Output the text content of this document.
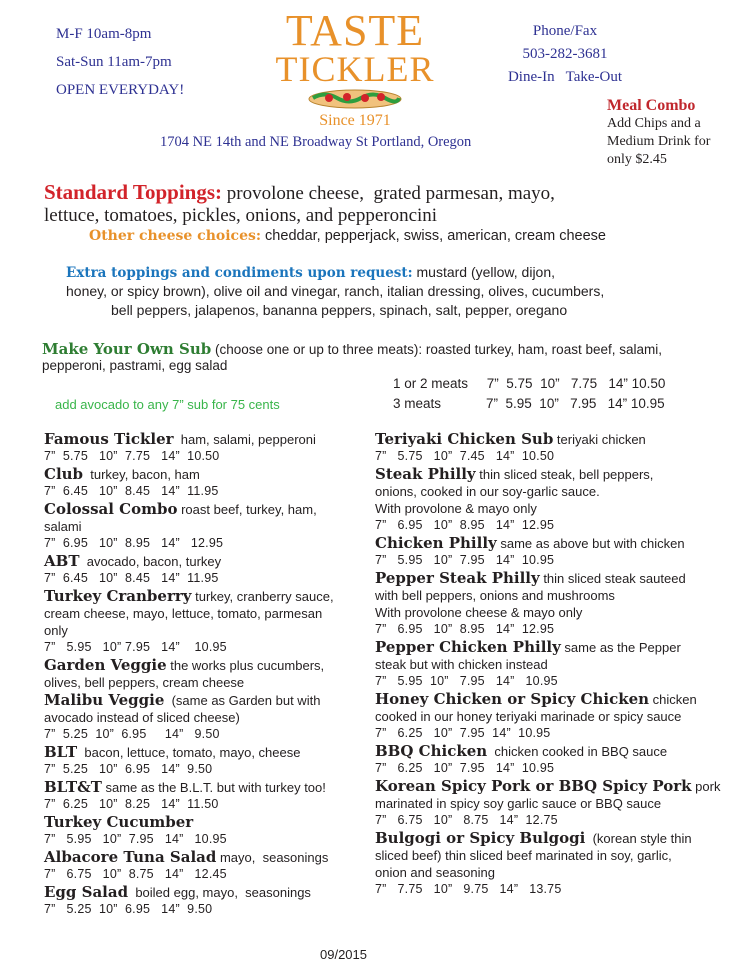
M-F 10am-8pm
Sat-Sun 11am-7pm
OPEN EVERYDAY!
TASTE
TICKLER
Since 1971
1704 NE 14th and NE Broadway St Portland, Oregon
Phone/Fax
503-282-3681
Dine-In   Take-Out
Meal Combo
Add Chips and a
Medium Drink for
only $2.45
Standard Toppings: provolone cheese,  grated parmesan, mayo,
lettuce, tomatoes, pickles, onions, and pepperoncini
Other cheese choices: cheddar, pepperjack, swiss, american, cream cheese
Extra toppings and condiments upon request: mustard (yellow, dijon,
honey, or spicy brown), olive oil and vinegar, ranch, italian dressing, olives, cucumbers,
bell peppers, jalapenos, bananna peppers, spinach, salt, pepper, oregano
Make Your Own Sub (choose one or up to three meats): roasted turkey, ham, roast beef, salami,
pepperoni, pastrami, egg salad
add avocado to any 7” sub for 75 cents
1 or 2 meats     7”  5.75  10”   7.75   14” 10.50
3 meats            7”  5.95  10”   7.95   14” 10.95
Famous Tickler  ham, salami, pepperoni
7”  5.75   10”  7.75   14”  10.50
Club  turkey, bacon, ham
7”  6.45   10”  8.45   14”  11.95
Colossal Combo roast beef, turkey, ham,
salami
7”  6.95   10”  8.95   14”   12.95
ABT  avocado, bacon, turkey
7”  6.45   10”  8.45   14”  11.95
Turkey Cranberry turkey, cranberry sauce,
cream cheese, mayo, lettuce, tomato, parmesan
only
7”   5.95   10” 7.95   14”    10.95
Garden Veggie the works plus cucumbers,
olives, bell peppers, cream cheese
Malibu Veggie  (same as Garden but with
avocado instead of sliced cheese)
7”  5.25  10”  6.95     14”   9.50
BLT  bacon, lettuce, tomato, mayo, cheese
7”  5.25   10”  6.95   14”  9.50
BLT&T same as the B.L.T. but with turkey too!
7”  6.25   10”  8.25   14”  11.50
Turkey Cucumber
7”   5.95   10”  7.95   14”   10.95
Albacore Tuna Salad mayo,  seasonings
7”   6.75   10”  8.75   14”   12.45
Egg Salad  boiled egg, mayo,  seasonings
7”   5.25  10”  6.95   14”  9.50
Teriyaki Chicken Sub teriyaki chicken
7”   5.75   10”  7.45   14”  10.50
Steak Philly thin sliced steak, bell peppers,
onions, cooked in our soy-garlic sauce.
With provolone & mayo only
7”   6.95   10”  8.95   14”  12.95
Chicken Philly same as above but with chicken
7”   5.95   10”  7.95   14”  10.95
Pepper Steak Philly thin sliced steak sauteed
with bell peppers, onions and mushrooms
With provolone cheese & mayo only
7”   6.95   10”  8.95   14”  12.95
Pepper Chicken Philly same as the Pepper
steak but with chicken instead
7”   5.95  10”   7.95   14”   10.95
Honey Chicken or Spicy Chicken chicken
cooked in our honey teriyaki marinade or spicy sauce
7”   6.25   10”  7.95  14”  10.95
BBQ Chicken  chicken cooked in BBQ sauce
7”   6.25   10”  7.95   14”  10.95
Korean Spicy Pork or BBQ Spicy Pork pork
marinated in spicy soy garlic sauce or BBQ sauce
7”   6.75   10”   8.75   14”  12.75
Bulgogi or Spicy Bulgogi  (korean style thin
sliced beef) thin sliced beef marinated in soy, garlic,
onion and seasoning
7”   7.75   10”   9.75   14”   13.75
09/2015
